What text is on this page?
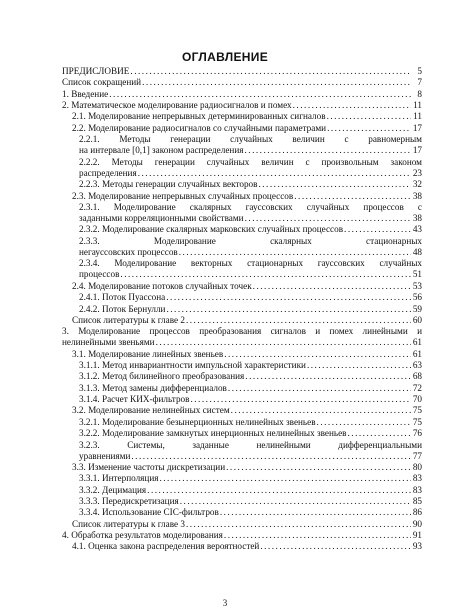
ОГЛАВЛЕНИЕ
ПРЕДИСЛОВИЕ . . .	5
Список сокращений . . .	7
1. Введение . . .	8
2. Математическое моделирование радиосигналов и помех . . .	11
2.1. Моделирование непрерывных детерминированных сигналов . . .	11
2.2. Моделирование радиосигналов со случайными параметрами . . .	17
2.2.1. Методы генерации случайных величин с равномерным
на интервале [0,1] законом распределения . . .	17
2.2.2. Методы генерации случайных величин с произвольным законом
распределения . . .	23
2.2.3. Методы генерации случайных векторов . . .	32
2.3. Моделирование непрерывных случайных процессов . . .	38
2.3.1. Моделирование скалярных гауссовских случайных процессов с
заданными корреляционными свойствами . . .	38
2.3.2. Моделирование скалярных марковских случайных процессов . . .	43
2.3.3. Моделирование скалярных стационарных
негауссовских процессов . . .	48
2.3.4. Моделирование векторных стационарных гауссовских случайных
процессов . . .	51
2.4. Моделирование потоков случайных точек . . .	53
2.4.1. Поток Пуассона . . .	56
2.4.2. Поток Бернулли . . .	59
Список литературы к главе 2 . . .	60
3. Моделирование процессов преобразования сигналов и помех линейными и
нелинейными звеньями . . .	61
3.1. Моделирование линейных звеньев . . .	61
3.1.1. Метод инвариантности импульсной характеристики . . .	63
3.1.2. Метод билинейного преобразования . . .	68
3.1.3. Метод замены дифференциалов . . .	72
3.1.4. Расчет КИХ-фильтров . . .	70
3.2. Моделирование нелинейных систем . . .	75
3.2.1. Моделирование безынерционных нелинейных звеньев . . .	75
3.2.2. Моделирование замкнутых инерционных нелинейных звеньев . . .	76
3.2.3. Системы, заданные нелинейными дифференциальными
уравнениями . . .	77
3.3. Изменение частоты дискретизации . . .	80
3.3.1. Интерполяция . . .	83
3.3.2. Децимация . . .	83
3.3.3. Передискретизация . . .	85
3.3.4. Использование CIC-фильтров . . .	86
Список литературы к главе 3 . . .	90
4. Обработка результатов моделирования . . .	91
4.1. Оценка закона распределения вероятностей . . .	93
3
